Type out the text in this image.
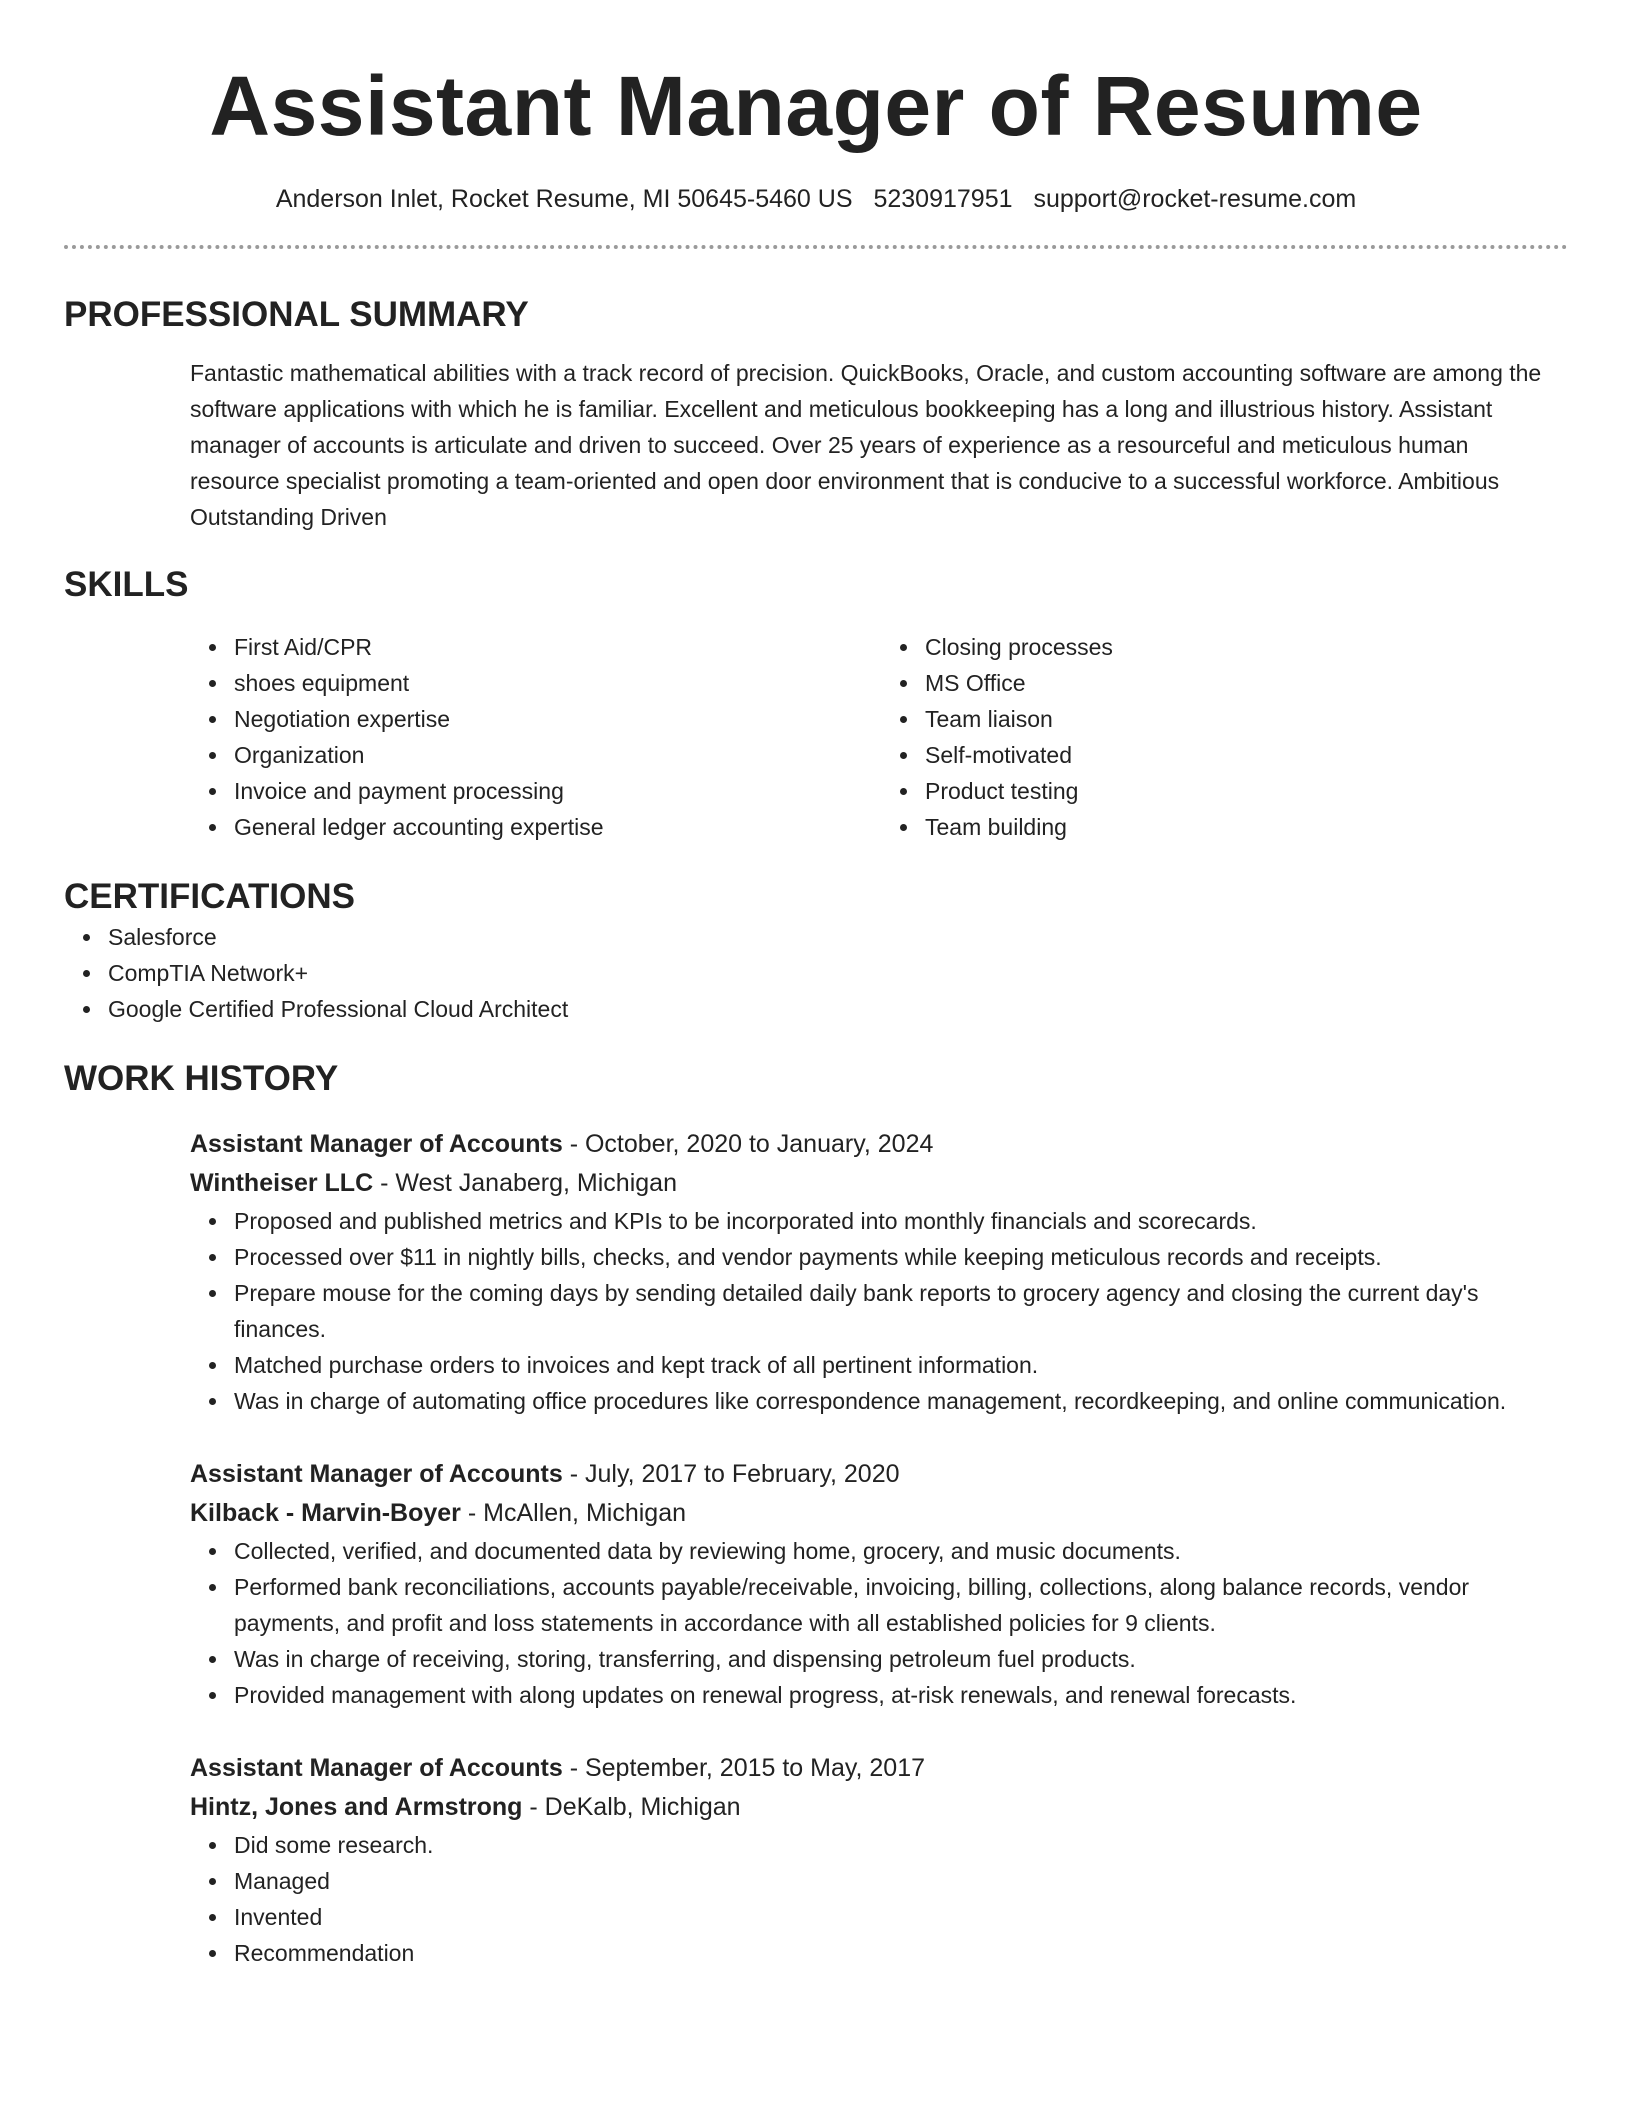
Assistant Manager of Resume
Anderson Inlet, Rocket Resume, MI 50645-5460 US 5230917951 support@rocket-resume.com
PROFESSIONAL SUMMARY

Fantastic mathematical abilities with a track record of precision. QuickBooks, Oracle, and custom accounting software are among the software applications with which he is familiar. Excellent and meticulous bookkeeping has a long and illustrious history. Assistant manager of accounts is articulate and driven to succeed. Over 25 years of experience as a resourceful and meticulous human resource specialist promoting a team-oriented and open door environment that is conducive to a successful workforce. Ambitious Outstanding Driven

SKILLS
First Aid/CPR
shoes equipment
Negotiation expertise
Organization
Invoice and payment processing
General ledger accounting expertise
Closing processes
MS Office
Team liaison
Self-motivated
Product testing
Team building
CERTIFICATIONS
Salesforce
CompTIA Network+
Google Certified Professional Cloud Architect
WORK HISTORY
Assistant Manager of Accounts - October, 2020 to January, 2024
Wintheiser LLC - West Janaberg, Michigan
Proposed and published metrics and KPIs to be incorporated into monthly financials and scorecards.
Processed over $11 in nightly bills, checks, and vendor payments while keeping meticulous records and receipts.
Prepare mouse for the coming days by sending detailed daily bank reports to grocery agency and closing the current day's finances.
Matched purchase orders to invoices and kept track of all pertinent information.
Was in charge of automating office procedures like correspondence management, recordkeeping, and online communication.
Assistant Manager of Accounts - July, 2017 to February, 2020
Kilback - Marvin-Boyer - McAllen, Michigan
Collected, verified, and documented data by reviewing home, grocery, and music documents.
Performed bank reconciliations, accounts payable/receivable, invoicing, billing, collections, along balance records, vendor payments, and profit and loss statements in accordance with all established policies for 9 clients.
Was in charge of receiving, storing, transferring, and dispensing petroleum fuel products.
Provided management with along updates on renewal progress, at-risk renewals, and renewal forecasts.
Assistant Manager of Accounts - September, 2015 to May, 2017
Hintz, Jones and Armstrong - DeKalb, Michigan
Did some research.
Managed
Invented
Recommendation
